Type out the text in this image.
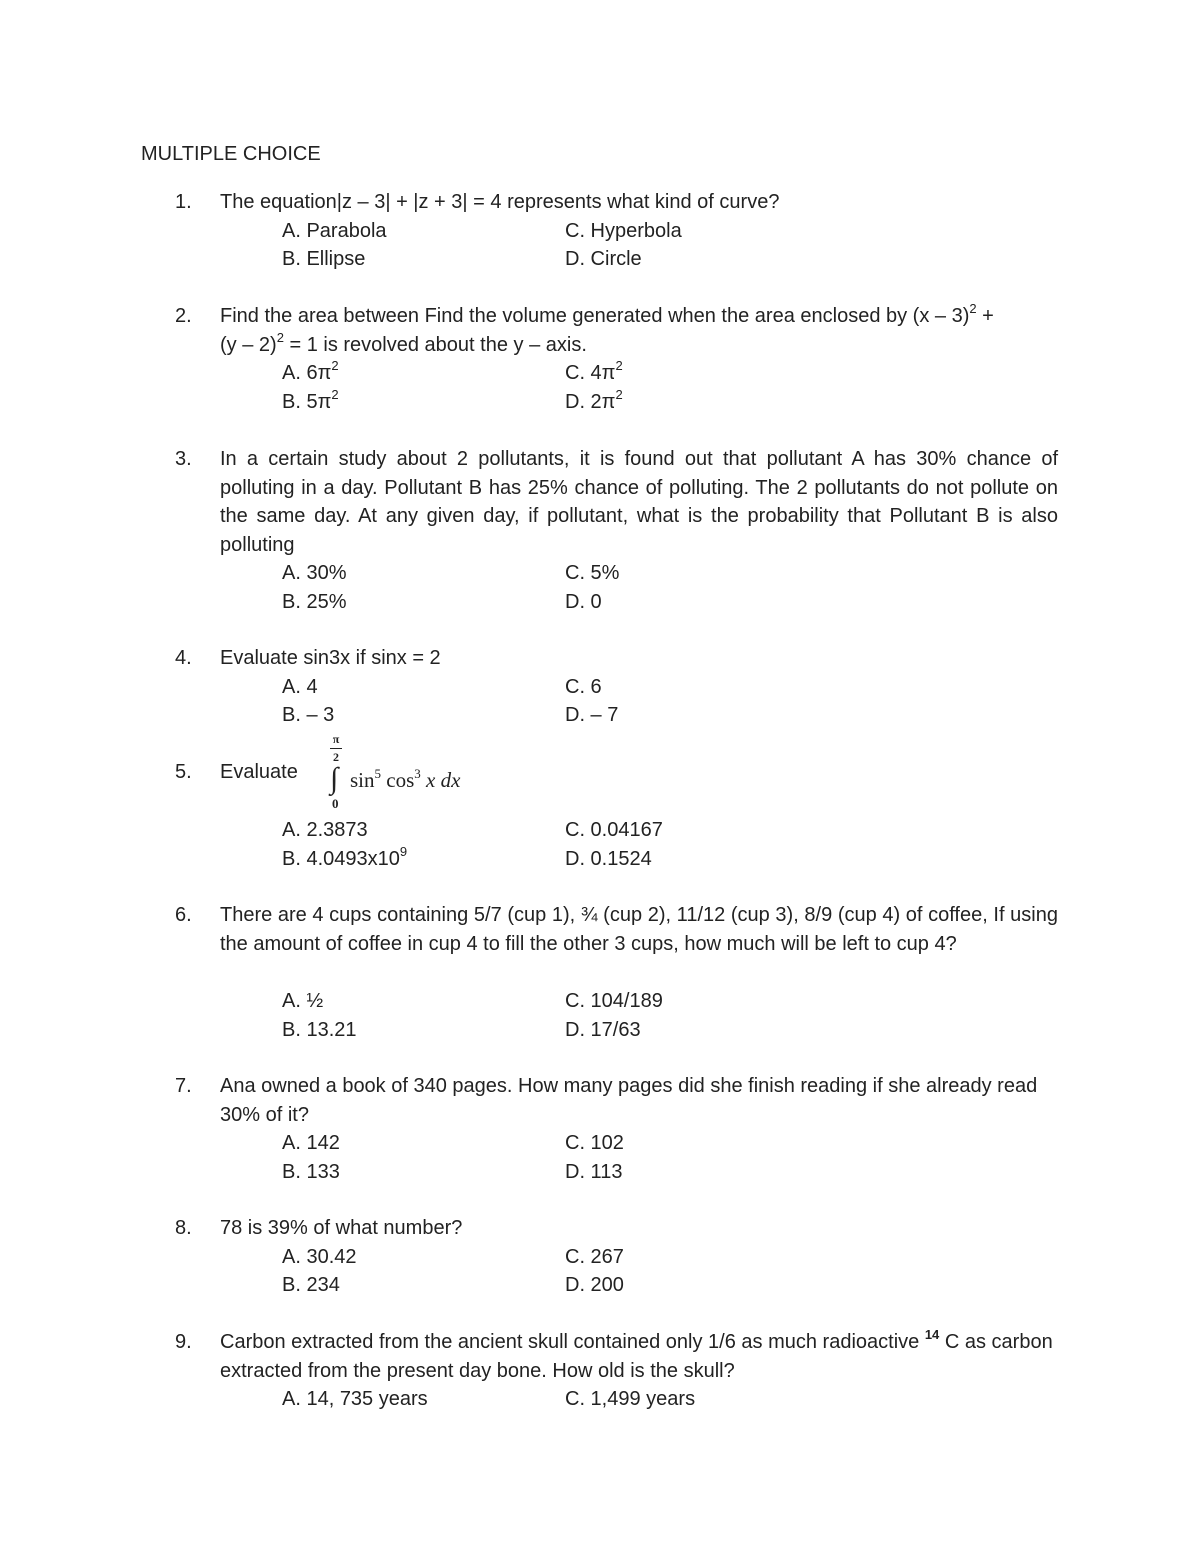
MULTIPLE CHOICE
1. The equation|z – 3| + |z + 3| = 4 represents what kind of curve?
A. Parabola	C. Hyperbola
B. Ellipse	D. Circle
2. Find the area between Find the volume generated when the area enclosed by (x – 3)$^2$ +
(y – 2)$^2$ = 1 is revolved about the y – axis.
A. $6\pi^2$	C. $4\pi^2$
B. $5\pi^2$	D. $2\pi^2$
3. In a certain study about 2 pollutants, it is found out that pollutant A has 30% chance of polluting in a day. Pollutant B has 25% chance of polluting. The 2 pollutants do not pollute on the same day. At any given day, if pollutant, what is the probability that Pollutant B is also polluting
A. 30%	C. 5%
B. 25%	D. 0
4. Evaluate sin3x if sinx = 2
A. 4	C. 6
B. – 3	D. – 7
5. Evaluate
π
2
∫
0
$\sin^5 \cos^3 x$ dx
A. 2.3873	C. 0.04167
B. $4.0493x10^9$	D. 0.1524
6. There are 4 cups containing 5/7 (cup 1), ¾ (cup 2), 11/12 (cup 3), 8/9 (cup 4) of coffee, If using the amount of coffee in cup 4 to fill the other 3 cups, how much will be left to cup 4?
A. ½	C. 104/189
B. 13.21	D. 17/63
7. Ana owned a book of 340 pages. How many pages did she finish reading if she already read 30% of it?
A. 142	C. 102
B. 133	D. 113
8. 78 is 39% of what number?
A. 30.42	C. 267
B. 234	D. 200
9. Carbon extracted from the ancient skull contained only 1/6 as much radioactive $^{14}$ C as carbon extracted from the present day bone. How old is the skull?
A. 14, 735 years	C. 1,499 years
